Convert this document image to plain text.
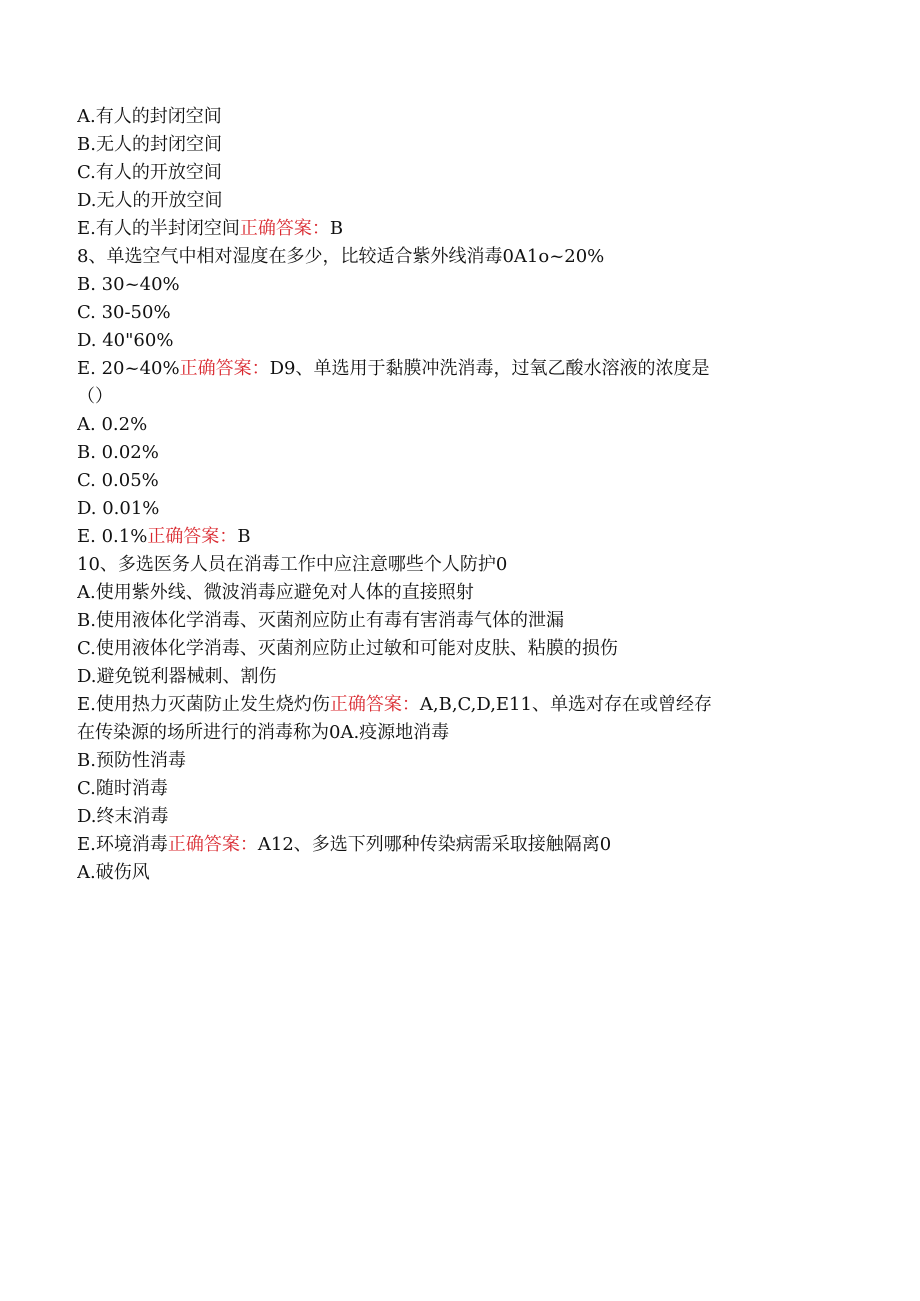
A.有人的封闭空间
B.无人的封闭空间
C.有人的开放空间
D.无人的开放空间
E.有人的半封闭空间正确答案：B
8、单选空气中相对湿度在多少，比较适合紫外线消毒0A1o~20%
B. 30~40%
C. 30-50%
D. 40"60%
E. 20~40%正确答案：D9、单选用于黏膜冲洗消毒，过氧乙酸水溶液的浓度是
（）
A. 0.2%
B. 0.02%
C. 0.05%
D. 0.01%
E. 0.1%正确答案：B
10、多选医务人员在消毒工作中应注意哪些个人防护0
A.使用紫外线、微波消毒应避免对人体的直接照射
B.使用液体化学消毒、灭菌剂应防止有毒有害消毒气体的泄漏
C.使用液体化学消毒、灭菌剂应防止过敏和可能对皮肤、粘膜的损伤
D.避免锐利器械刺、割伤
E.使用热力灭菌防止发生烧灼伤正确答案：A,B,C,D,E11、单选对存在或曾经存
在传染源的场所进行的消毒称为0A.疫源地消毒
B.预防性消毒
C.随时消毒
D.终末消毒
E.环境消毒正确答案：A12、多选下列哪种传染病需采取接触隔离0
A.破伤风
